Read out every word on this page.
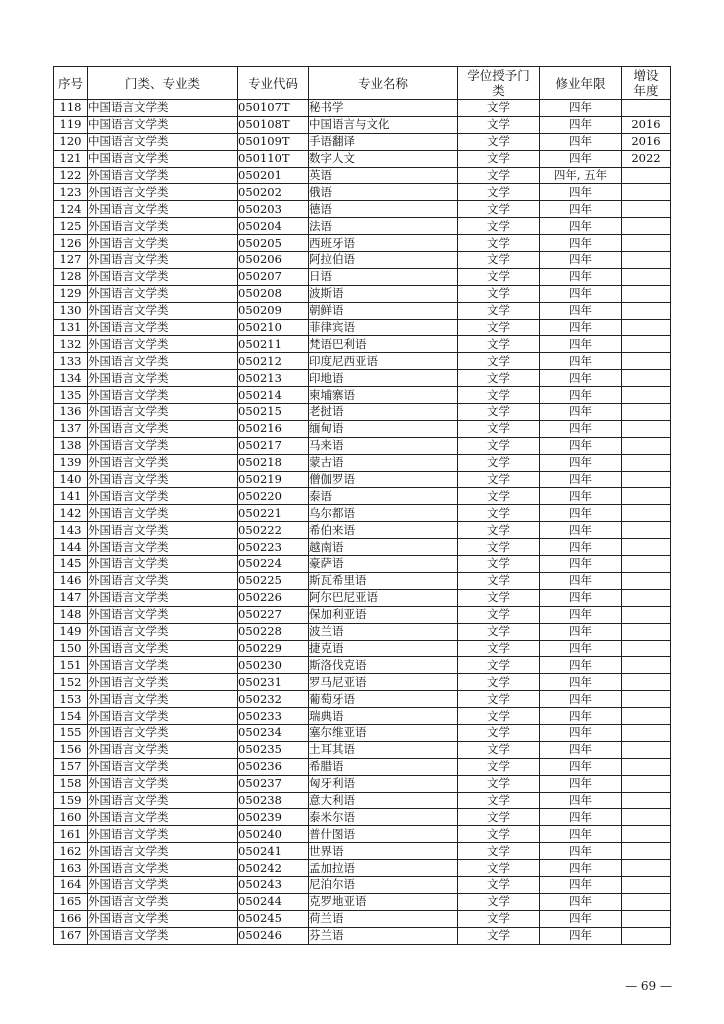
序号	门类、专业类	专业代码	专业名称	学位授予门类	修业年限	增设年度
118	中国语言文学类	050107T	秘书学	文学	四年	
119	中国语言文学类	050108T	中国语言与文化	文学	四年	2016
120	中国语言文学类	050109T	手语翻译	文学	四年	2016
121	中国语言文学类	050110T	数字人文	文学	四年	2022
122	外国语言文学类	050201	英语	文学	四年, 五年	
123	外国语言文学类	050202	俄语	文学	四年	
124	外国语言文学类	050203	德语	文学	四年	
125	外国语言文学类	050204	法语	文学	四年	
126	外国语言文学类	050205	西班牙语	文学	四年	
127	外国语言文学类	050206	阿拉伯语	文学	四年	
128	外国语言文学类	050207	日语	文学	四年	
129	外国语言文学类	050208	波斯语	文学	四年	
130	外国语言文学类	050209	朝鲜语	文学	四年	
131	外国语言文学类	050210	菲律宾语	文学	四年	
132	外国语言文学类	050211	梵语巴利语	文学	四年	
133	外国语言文学类	050212	印度尼西亚语	文学	四年	
134	外国语言文学类	050213	印地语	文学	四年	
135	外国语言文学类	050214	柬埔寨语	文学	四年	
136	外国语言文学类	050215	老挝语	文学	四年	
137	外国语言文学类	050216	缅甸语	文学	四年	
138	外国语言文学类	050217	马来语	文学	四年	
139	外国语言文学类	050218	蒙古语	文学	四年	
140	外国语言文学类	050219	僧伽罗语	文学	四年	
141	外国语言文学类	050220	泰语	文学	四年	
142	外国语言文学类	050221	乌尔都语	文学	四年	
143	外国语言文学类	050222	希伯来语	文学	四年	
144	外国语言文学类	050223	越南语	文学	四年	
145	外国语言文学类	050224	豪萨语	文学	四年	
146	外国语言文学类	050225	斯瓦希里语	文学	四年	
147	外国语言文学类	050226	阿尔巴尼亚语	文学	四年	
148	外国语言文学类	050227	保加利亚语	文学	四年	
149	外国语言文学类	050228	波兰语	文学	四年	
150	外国语言文学类	050229	捷克语	文学	四年	
151	外国语言文学类	050230	斯洛伐克语	文学	四年	
152	外国语言文学类	050231	罗马尼亚语	文学	四年	
153	外国语言文学类	050232	葡萄牙语	文学	四年	
154	外国语言文学类	050233	瑞典语	文学	四年	
155	外国语言文学类	050234	塞尔维亚语	文学	四年	
156	外国语言文学类	050235	土耳其语	文学	四年	
157	外国语言文学类	050236	希腊语	文学	四年	
158	外国语言文学类	050237	匈牙利语	文学	四年	
159	外国语言文学类	050238	意大利语	文学	四年	
160	外国语言文学类	050239	泰米尔语	文学	四年	
161	外国语言文学类	050240	普什图语	文学	四年	
162	外国语言文学类	050241	世界语	文学	四年	
163	外国语言文学类	050242	孟加拉语	文学	四年	
164	外国语言文学类	050243	尼泊尔语	文学	四年	
165	外国语言文学类	050244	克罗地亚语	文学	四年	
166	外国语言文学类	050245	荷兰语	文学	四年	
167	外国语言文学类	050246	芬兰语	文学	四年	
— 69 —
